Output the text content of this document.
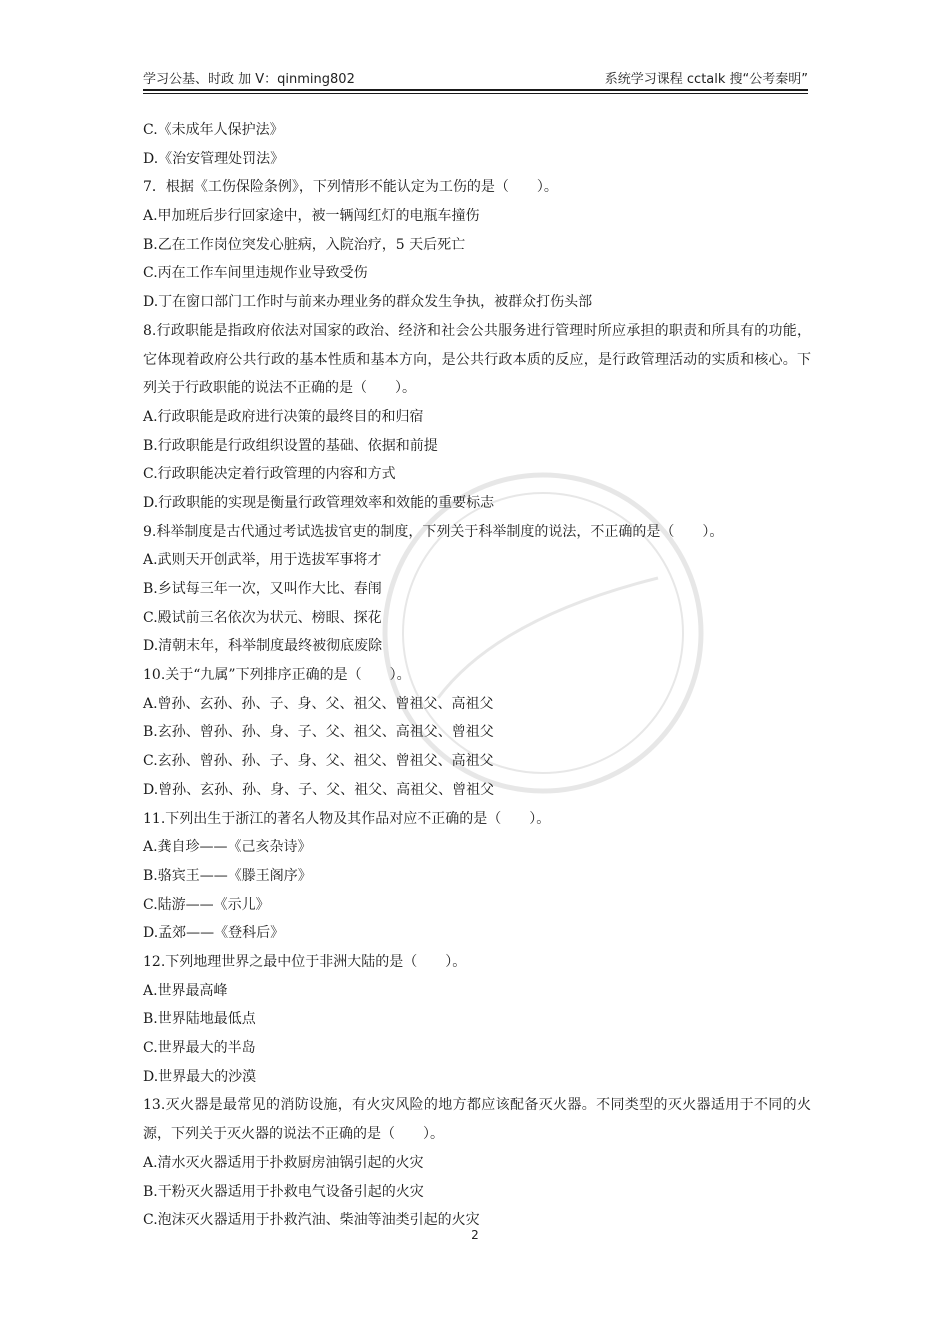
学习公基、时政 加 V：qinming802	系统学习课程 cctalk 搜“公考秦明”
C.《未成年人保护法》
D.《治安管理处罚法》
7．根据《工伤保险条例》，下列情形不能认定为工伤的是（　　）。
A.甲加班后步行回家途中，被一辆闯红灯的电瓶车撞伤
B.乙在工作岗位突发心脏病，入院治疗，5 天后死亡
C.丙在工作车间里违规作业导致受伤
D.丁在窗口部门工作时与前来办理业务的群众发生争执，被群众打伤头部
8.行政职能是指政府依法对国家的政治、经济和社会公共服务进行管理时所应承担的职责和所具有的功能，它体现着政府公共行政的基本性质和基本方向，是公共行政本质的反应，是行政管理活动的实质和核心。下列关于行政职能的说法不正确的是（　　）。
A.行政职能是政府进行决策的最终目的和归宿
B.行政职能是行政组织设置的基础、依据和前提
C.行政职能决定着行政管理的内容和方式
D.行政职能的实现是衡量行政管理效率和效能的重要标志
9.科举制度是古代通过考试选拔官吏的制度，下列关于科举制度的说法，不正确的是（　　）。
A.武则天开创武举，用于选拔军事将才
B.乡试每三年一次，又叫作大比、春闱
C.殿试前三名依次为状元、榜眼、探花
D.清朝末年，科举制度最终被彻底废除
10.关于“九属”下列排序正确的是（　　）。
A.曾孙、玄孙、孙、子、身、父、祖父、曾祖父、高祖父
B.玄孙、曾孙、孙、身、子、父、祖父、高祖父、曾祖父
C.玄孙、曾孙、孙、子、身、父、祖父、曾祖父、高祖父
D.曾孙、玄孙、孙、身、子、父、祖父、高祖父、曾祖父
11.下列出生于浙江的著名人物及其作品对应不正确的是（　　）。
A.龚自珍——《己亥杂诗》
B.骆宾王——《滕王阁序》
C.陆游——《示儿》
D.孟郊——《登科后》
12.下列地理世界之最中位于非洲大陆的是（　　）。
A.世界最高峰
B.世界陆地最低点
C.世界最大的半岛
D.世界最大的沙漠
13.灭火器是最常见的消防设施，有火灾风险的地方都应该配备灭火器。不同类型的灭火器适用于不同的火源，下列关于灭火器的说法不正确的是（　　）。
A.清水灭火器适用于扑救厨房油锅引起的火灾
B.干粉灭火器适用于扑救电气设备引起的火灾
C.泡沫灭火器适用于扑救汽油、柴油等油类引起的火灾
2
